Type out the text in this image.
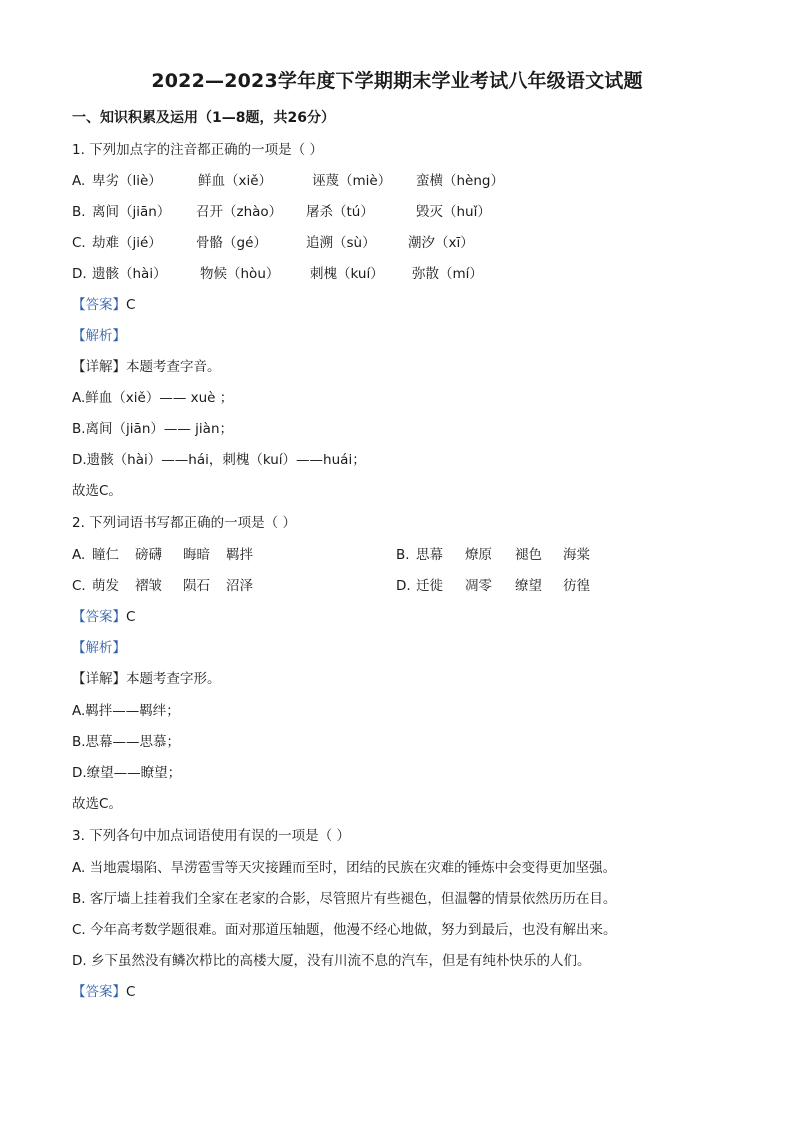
2022—2023学年度下学期期末学业考试八年级语文试题
一、知识积累及运用（1—8题，共26分）
1. 下列加点字的注音都正确的一项是（ ）
A. 卑劣（liè）	鲜血（xiě）	诬蔑（miè） 蛮横（hèng）
B. 离间（jiān） 召开（zhào） 屠杀（tú）	毁灭（huǐ）
C. 劫难（jié）	骨骼（gé）	追溯（sù） 潮汐（xī）
D. 遗骸（hài） 物候（hòu） 刺槐（kuí） 弥散（mí）
【答案】C
【解析】
【详解】本题考查字音。
A.鲜血（xiě）—— xuè ；
B.离间（jiān）—— jiàn；
D.遗骸（hài）——hái，刺槐（kuí）——huái；
故选C。
2. 下列词语书写都正确的一项是（ ）
A. 瞳仁 磅礴 晦暗 羁拌	B. 思幕 燎原 褪色 海棠
C. 萌发 褶皱 陨石 沼泽	D. 迁徙 凋零 缭望 彷徨
【答案】C
【解析】
【详解】本题考查字形。
A.羁拌——羁绊；
B.思幕——思慕；
D.缭望——瞭望；
故选C。
3. 下列各句中加点词语使用有误的一项是（ ）
A. 当地震塌陷、旱涝雹雪等天灾接踵而至时，团结的民族在灾难的锤炼中会变得更加坚强。
B. 客厅墙上挂着我们全家在老家的合影，尽管照片有些褪色，但温馨的情景依然历历在目。
C. 今年高考数学题很难。面对那道压轴题，他漫不经心地做，努力到最后，也没有解出来。
D. 乡下虽然没有鳞次栉比的高楼大厦，没有川流不息的汽车，但是有纯朴快乐的人们。
【答案】C
